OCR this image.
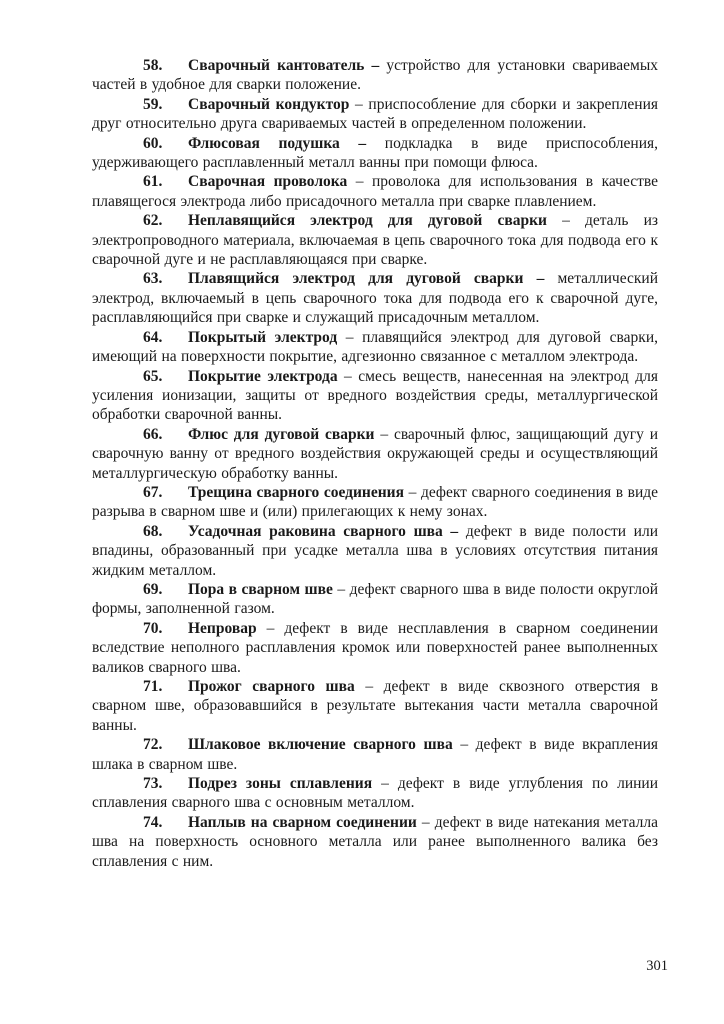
58. Сварочный кантователь – устройство для установки свариваемых частей в удобное для сварки положение.

59. Сварочный кондуктор – приспособление для сборки и закрепления друг относительно друга свариваемых частей в определенном положении.

60. Флюсовая подушка – подкладка в виде приспособления, удерживающего расплавленный металл ванны при помощи флюса.

61. Сварочная проволока – проволока для использования в качестве плавящегося электрода либо присадочного металла при сварке плавлением.

62. Неплавящийся электрод для дуговой сварки – деталь из электропроводного материала, включаемая в цепь сварочного тока для подвода его к сварочной дуге и не расплавляющаяся при сварке.

63. Плавящийся электрод для дуговой сварки – металлический электрод, включаемый в цепь сварочного тока для подвода его к сварочной дуге, расплавляющийся при сварке и служащий присадочным металлом.

64. Покрытый электрод – плавящийся электрод для дуговой сварки, имеющий на поверхности покрытие, адгезионно связанное с металлом электрода.

65. Покрытие электрода – смесь веществ, нанесенная на электрод для усиления ионизации, защиты от вредного воздействия среды, металлургической обработки сварочной ванны.

66. Флюс для дуговой сварки – сварочный флюс, защищающий дугу и сварочную ванну от вредного воздействия окружающей среды и осуществляющий металлургическую обработку ванны.

67. Трещина сварного соединения – дефект сварного соединения в виде разрыва в сварном шве и (или) прилегающих к нему зонах.

68. Усадочная раковина сварного шва – дефект в виде полости или впадины, образованный при усадке металла шва в условиях отсутствия питания жидким металлом.

69. Пора в сварном шве – дефект сварного шва в виде полости округлой формы, заполненной газом.

70. Непровар – дефект в виде несплавления в сварном соединении вследствие неполного расплавления кромок или поверхностей ранее выполненных валиков сварного шва.

71. Прожог сварного шва – дефект в виде сквозного отверстия в сварном шве, образовавшийся в результате вытекания части металла сварочной ванны.

72. Шлаковое включение сварного шва – дефект в виде вкрапления шлака в сварном шве.

73. Подрез зоны сплавления – дефект в виде углубления по линии сплавления сварного шва с основным металлом.

74. Наплыв на сварном соединении – дефект в виде натекания металла шва на поверхность основного металла или ранее выполненного валика без сплавления с ним.

301
